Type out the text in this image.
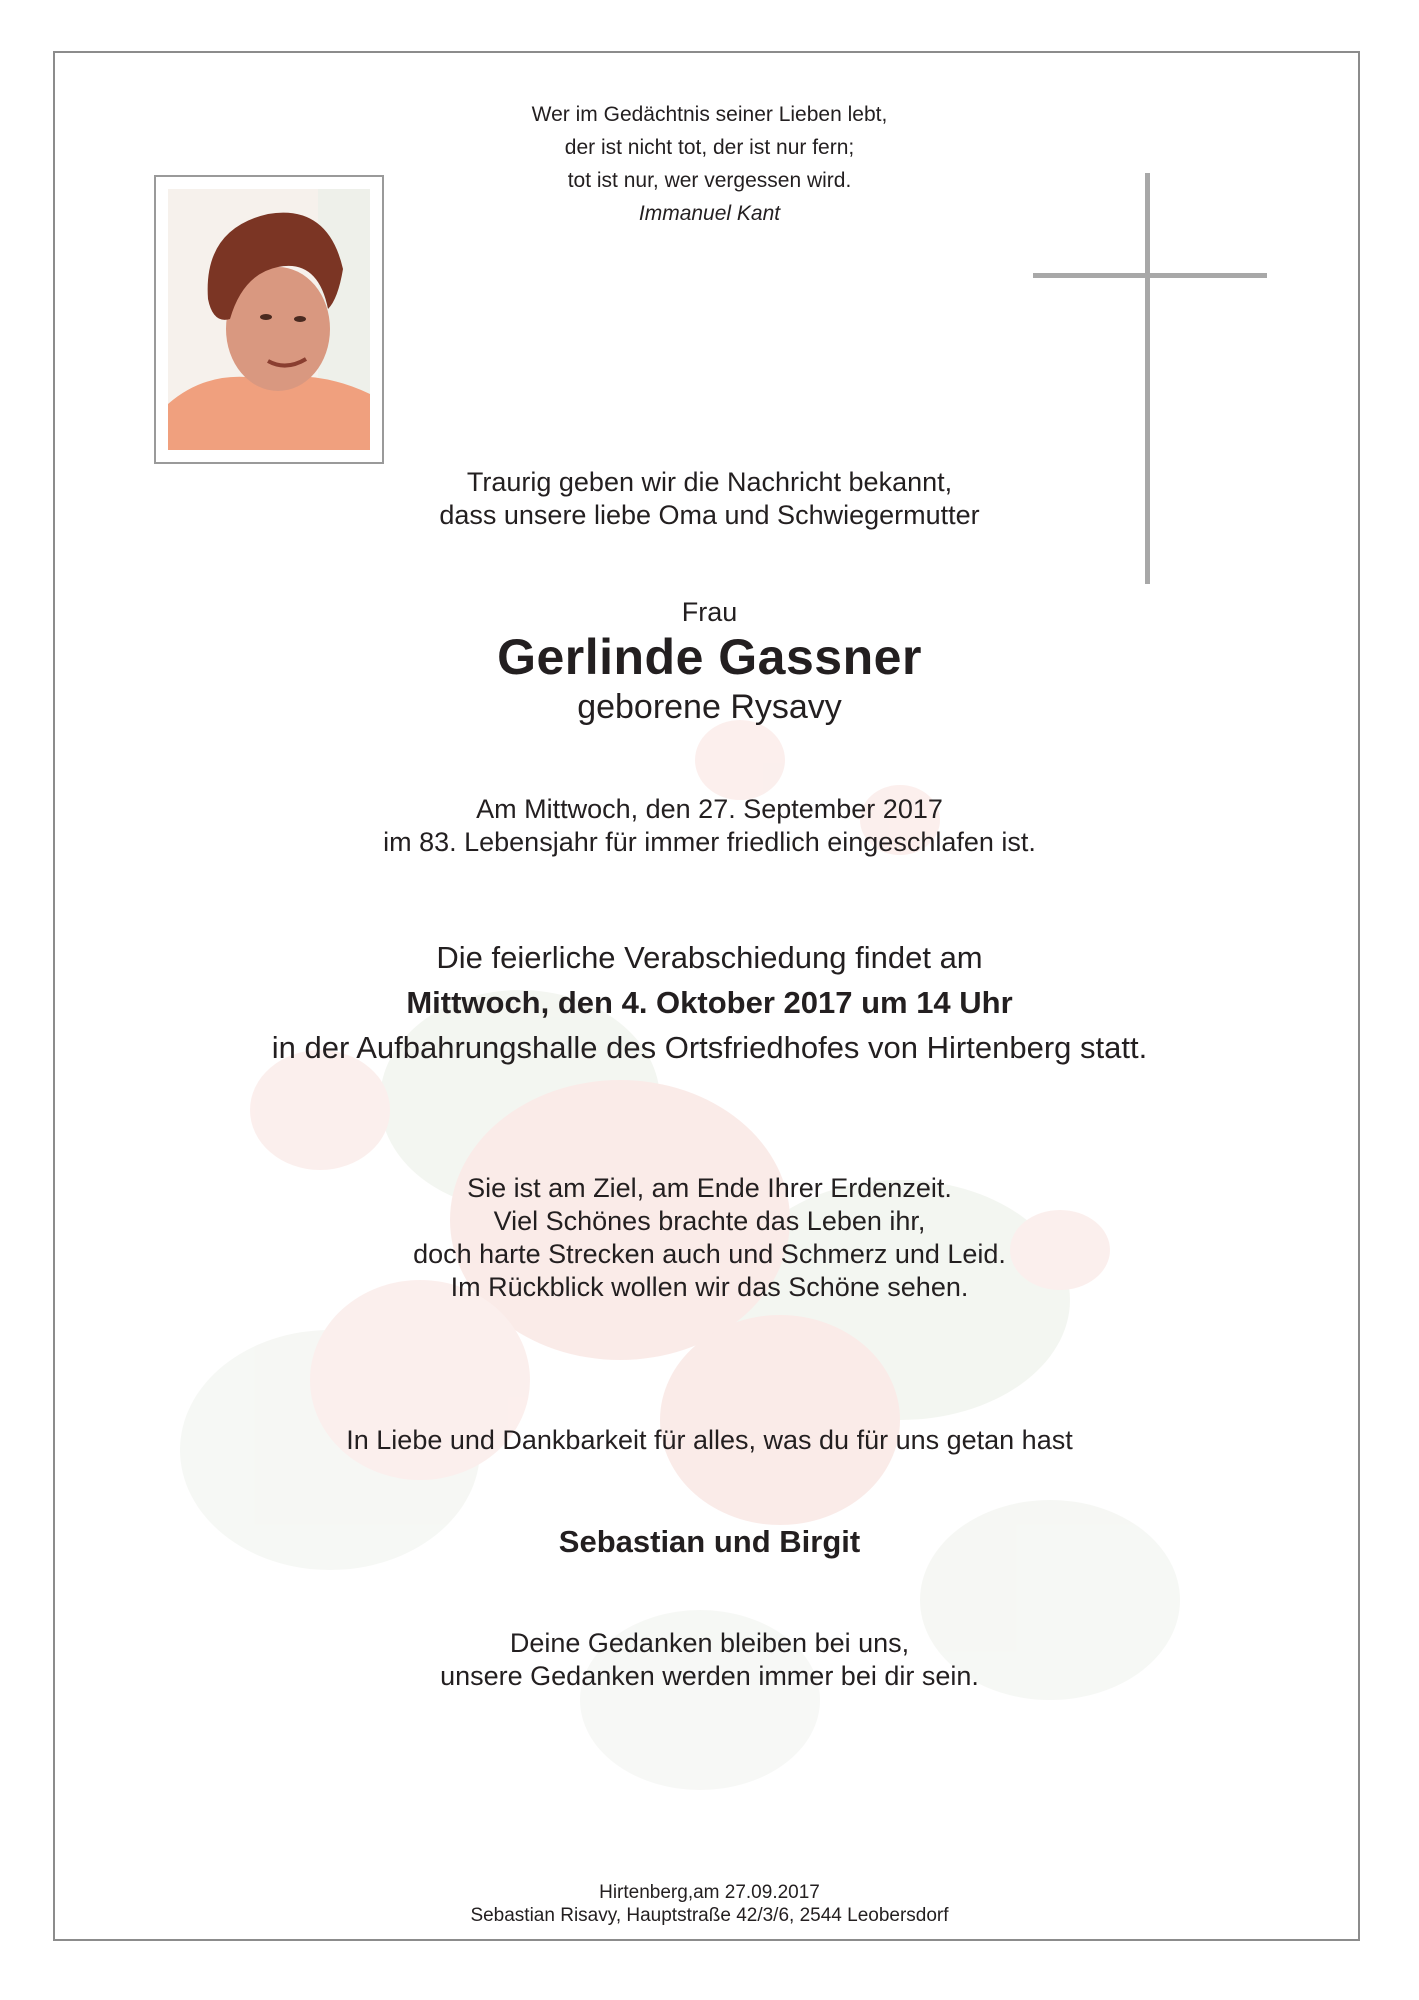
Wer im Gedächtnis seiner Lieben lebt,
der ist nicht tot, der ist nur fern;
tot ist nur, wer vergessen wird.
Immanuel Kant
Traurig geben wir die Nachricht bekannt,
dass unsere liebe Oma und Schwiegermutter
Frau
Gerlinde Gassner
geborene Rysavy
Am Mittwoch, den 27. September 2017
im 83. Lebensjahr für immer friedlich eingeschlafen ist.
Die feierliche Verabschiedung findet am
Mittwoch, den 4. Oktober 2017 um 14 Uhr
in der Aufbahrungshalle des Ortsfriedhofes von Hirtenberg statt.
Sie ist am Ziel, am Ende Ihrer Erdenzeit.
Viel Schönes brachte das Leben ihr,
doch harte Strecken auch und Schmerz und Leid.
Im Rückblick wollen wir das Schöne sehen.
In Liebe und Dankbarkeit für alles, was du für uns getan hast
Sebastian und Birgit
Deine Gedanken bleiben bei uns,
unsere Gedanken werden immer bei dir sein.
Hirtenberg,am 27.09.2017
Sebastian Risavy, Hauptstraße 42/3/6, 2544 Leobersdorf
